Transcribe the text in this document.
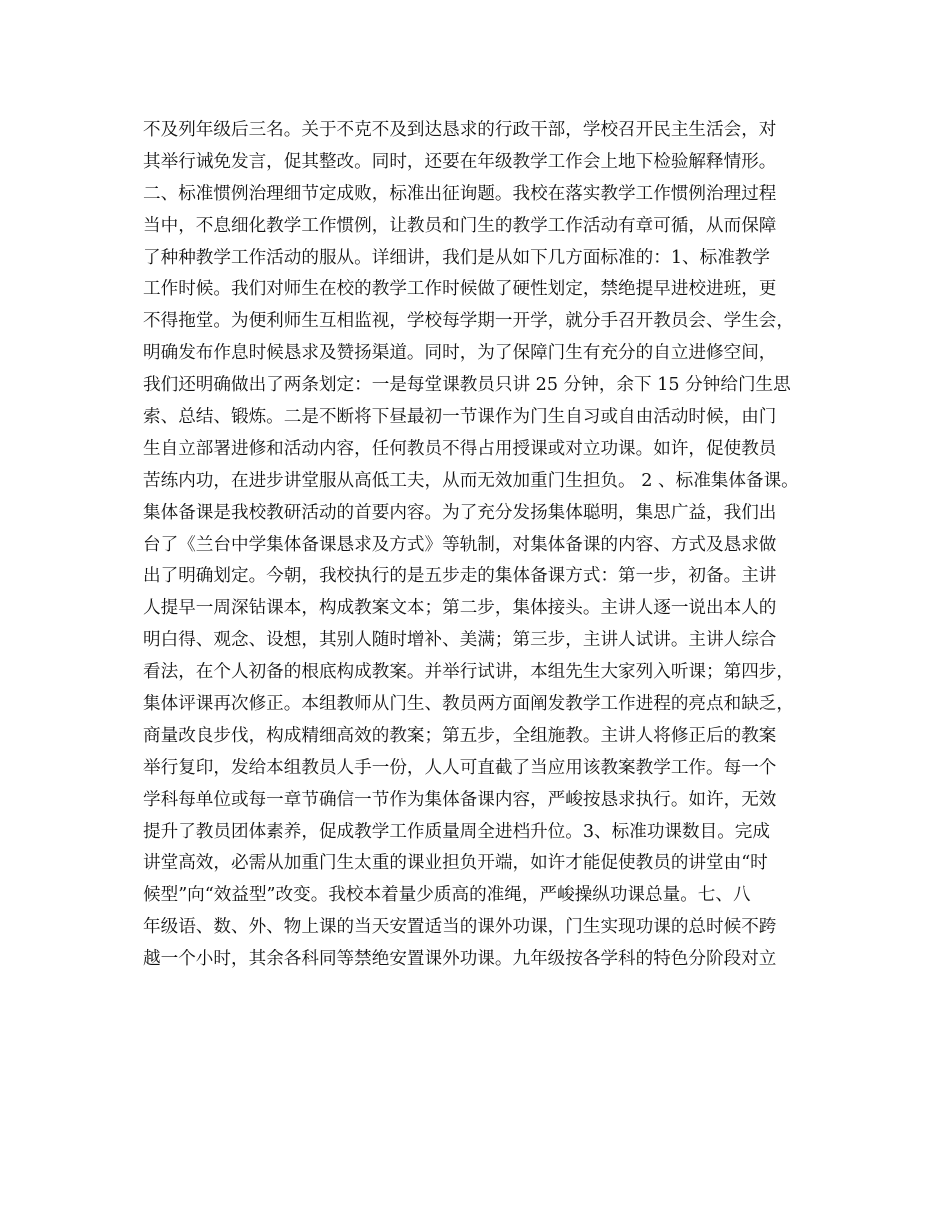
不及列年级后三名。关于不克不及到达恳求的行政干部，学校召开民主生活会，对
其举行诫免发言，促其整改。同时，还要在年级教学工作会上地下检验解释情形。
二、标准惯例治理细节定成败，标准出征询题。我校在落实教学工作惯例治理过程
当中，不息细化教学工作惯例，让教员和门生的教学工作活动有章可循，从而保障
了种种教学工作活动的服从。详细讲，我们是从如下几方面标准的：1、标准教学
工作时候。我们对师生在校的教学工作时候做了硬性划定，禁绝提早进校进班，更
不得拖堂。为便利师生互相监视，学校每学期一开学，就分手召开教员会、学生会，
明确发布作息时候恳求及赞扬渠道。同时，为了保障门生有充分的自立进修空间，
我们还明确做出了两条划定：一是每堂课教员只讲 25 分钟，余下 15 分钟给门生思
索、总结、锻炼。二是不断将下昼最初一节课作为门生自习或自由活动时候，由门
生自立部署进修和活动内容，任何教员不得占用授课或对立功课。如许，促使教员
苦练内功，在进步讲堂服从高低工夫，从而无效加重门生担负。 2 、标准集体备课。
集体备课是我校教研活动的首要内容。为了充分发扬集体聪明，集思广益，我们出
台了《兰台中学集体备课恳求及方式》等轨制，对集体备课的内容、方式及恳求做
出了明确划定。今朝，我校执行的是五步走的集体备课方式：第一步，初备。主讲
人提早一周深钻课本，构成教案文本；第二步，集体接头。主讲人逐一说出本人的
明白得、观念、设想，其别人随时增补、美满；第三步，主讲人试讲。主讲人综合
看法，在个人初备的根底构成教案。并举行试讲，本组先生大家列入听课；第四步，
集体评课再次修正。本组教师从门生、教员两方面阐发教学工作进程的亮点和缺乏，
商量改良步伐，构成精细高效的教案；第五步，全组施教。主讲人将修正后的教案
举行复印，发给本组教员人手一份，人人可直截了当应用该教案教学工作。每一个
学科每单位或每一章节确信一节作为集体备课内容，严峻按恳求执行。如许，无效
提升了教员团体素养，促成教学工作质量周全进档升位。3、标准功课数目。完成
讲堂高效，必需从加重门生太重的课业担负开端，如许才能促使教员的讲堂由“时
候型”向“效益型”改变。我校本着量少质高的准绳，严峻操纵功课总量。七、八
年级语、数、外、物上课的当天安置适当的课外功课，门生实现功课的总时候不跨
越一个小时，其余各科同等禁绝安置课外功课。九年级按各学科的特色分阶段对立
